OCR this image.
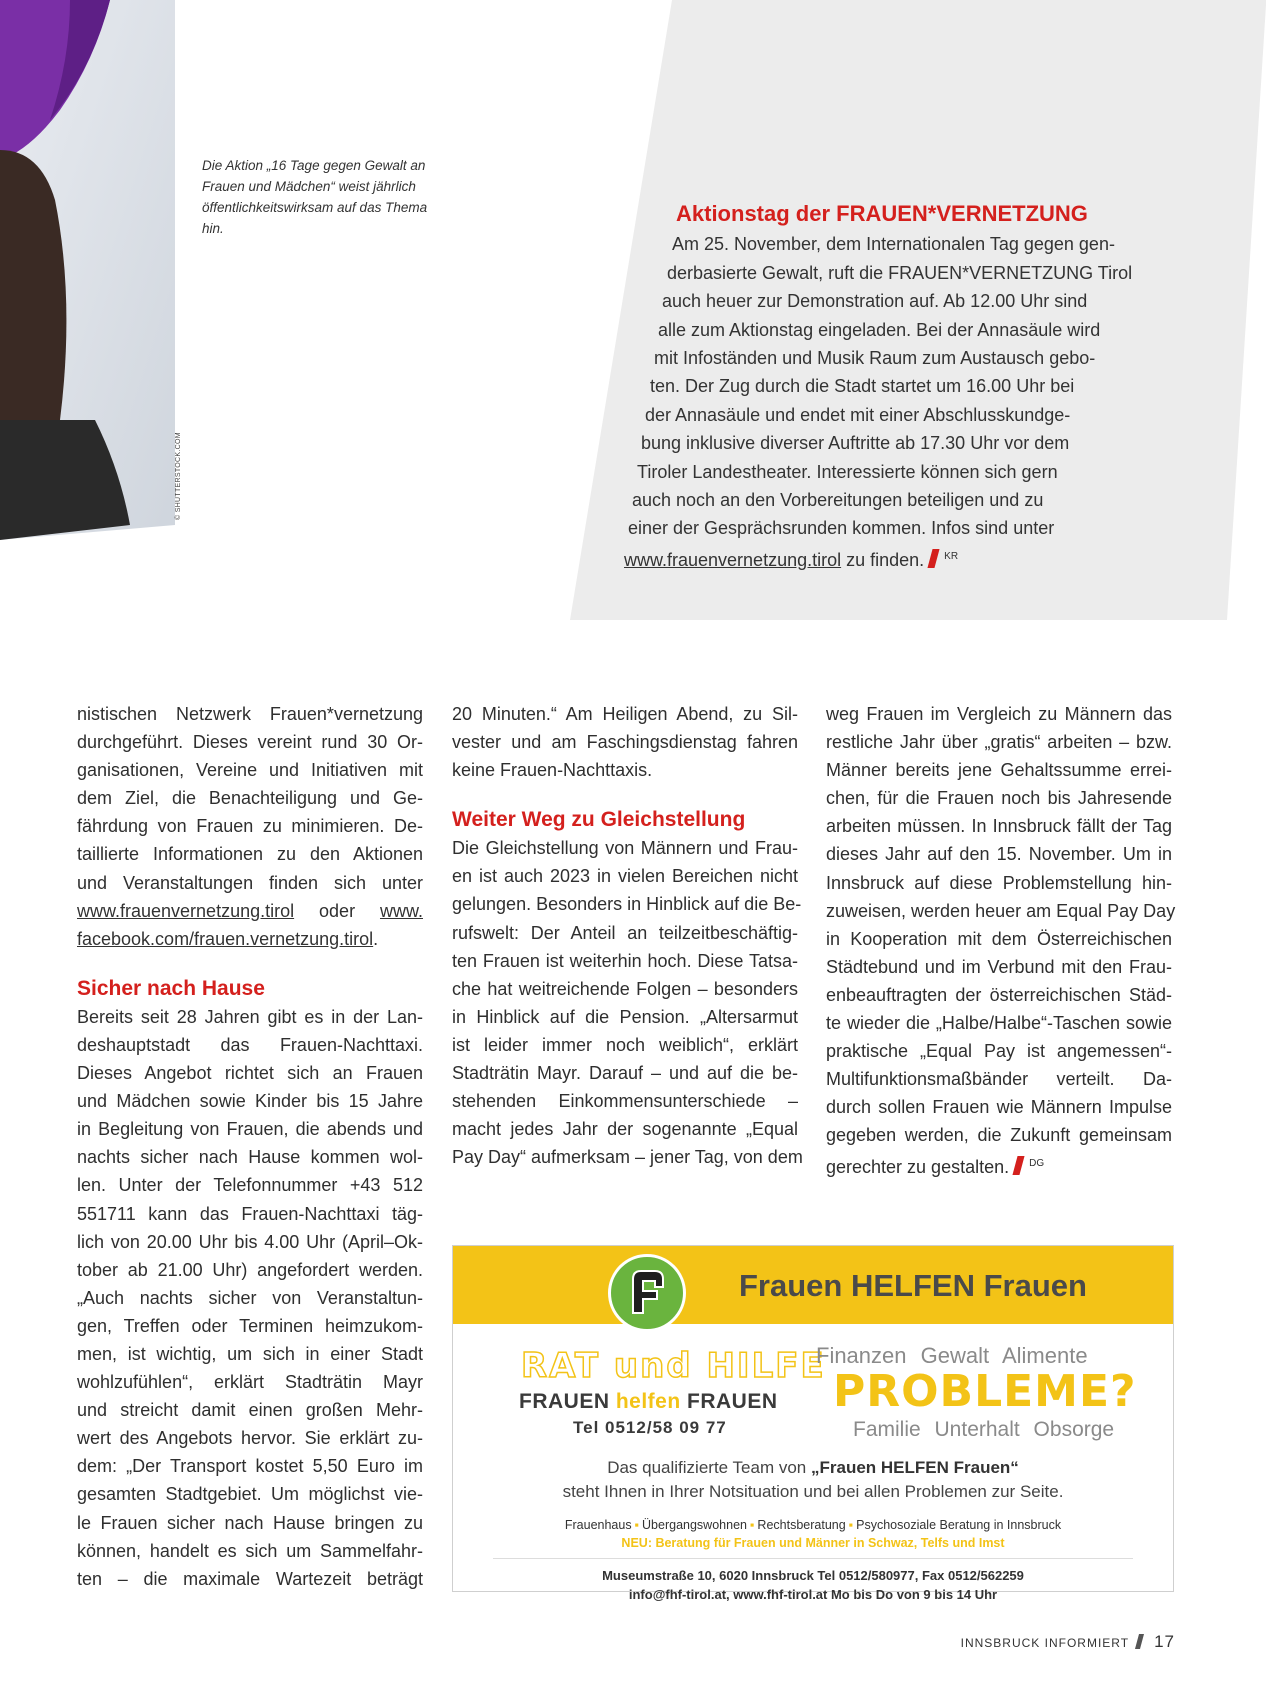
© SHUTTERSTOCK.COM
Die Aktion „16 Tage gegen Gewalt an Frauen und Mädchen“ weist jährlich öffentlichkeitswirksam auf das Thema hin.
Aktionstag der FRAUEN*VERNETZUNG
Am 25. November, dem Internationalen Tag gegen gen-
derbasierte Gewalt, ruft die FRAUEN*VERNETZUNG Tirol
auch heuer zur Demonstration auf. Ab 12.00 Uhr sind
alle zum Aktionstag eingeladen. Bei der Annasäule wird
mit Infoständen und Musik Raum zum Austausch gebo-
ten. Der Zug durch die Stadt startet um 16.00 Uhr bei
der Annasäule und endet mit einer Abschlusskundge-
bung inklusive diverser Auftritte ab 17.30 Uhr vor dem
Tiroler Landestheater. Interessierte können sich gern
auch noch an den Vorbereitungen beteiligen und zu
einer der Gesprächsrunden kommen. Infos sind unter
www.frauenvernetzung.tirol zu finden. $^{KR}$
nistischen Netzwerk Frauen*vernetzung
durchgeführt. Dieses vereint rund 30 Or-
ganisationen, Vereine und Initiativen mit
dem Ziel, die Benachteiligung und Ge-
fährdung von Frauen zu minimieren. De-
taillierte Informationen zu den Aktionen
und Veranstaltungen finden sich unter
www.frauenvernetzung.tirol oder www.
facebook.com/frauen.vernetzung.tirol.
Sicher nach Hause
Bereits seit 28 Jahren gibt es in der Lan-
deshauptstadt das Frauen-Nachttaxi.
Dieses Angebot richtet sich an Frauen
und Mädchen sowie Kinder bis 15 Jahre
in Begleitung von Frauen, die abends und
nachts sicher nach Hause kommen wol-
len. Unter der Telefonnummer +43 512
551711 kann das Frauen-Nachttaxi täg-
lich von 20.00 Uhr bis 4.00 Uhr (April–Ok-
tober ab 21.00 Uhr) angefordert werden.
„Auch nachts sicher von Veranstaltun-
gen, Treffen oder Terminen heimzukom-
men, ist wichtig, um sich in einer Stadt
wohlzufühlen“, erklärt Stadträtin Mayr
und streicht damit einen großen Mehr-
wert des Angebots hervor. Sie erklärt zu-
dem: „Der Transport kostet 5,50 Euro im
gesamten Stadtgebiet. Um möglichst vie-
le Frauen sicher nach Hause bringen zu
können, handelt es sich um Sammelfahr-
ten – die maximale Wartezeit beträgt
20 Minuten.“ Am Heiligen Abend, zu Sil-
vester und am Faschingsdienstag fahren
keine Frauen-Nachttaxis.
Weiter Weg zu Gleichstellung
Die Gleichstellung von Männern und Frau-
en ist auch 2023 in vielen Bereichen nicht
gelungen. Besonders in Hinblick auf die Be-
rufswelt: Der Anteil an teilzeitbeschäftig-
ten Frauen ist weiterhin hoch. Diese Tatsa-
che hat weitreichende Folgen – besonders
in Hinblick auf die Pension. „Altersarmut
ist leider immer noch weiblich“, erklärt
Stadträtin Mayr. Darauf – und auf die be-
stehenden Einkommensunterschiede –
macht jedes Jahr der sogenannte „Equal
Pay Day“ aufmerksam – jener Tag, von dem
weg Frauen im Vergleich zu Männern das
restliche Jahr über „gratis“ arbeiten – bzw.
Männer bereits jene Gehaltssumme errei-
chen, für die Frauen noch bis Jahresende
arbeiten müssen. In Innsbruck fällt der Tag
dieses Jahr auf den 15. November. Um in
Innsbruck auf diese Problemstellung hin-
zuweisen, werden heuer am Equal Pay Day
in Kooperation mit dem Österreichischen
Städtebund und im Verbund mit den Frau-
enbeauftragten der österreichischen Städ-
te wieder die „Halbe/Halbe“-Taschen sowie
praktische „Equal Pay ist angemessen“-
Multifunktionsmaßbänder verteilt. Da-
durch sollen Frauen wie Männern Impulse
gegeben werden, die Zukunft gemeinsam
gerechter zu gestalten. $^{DG}$
Frauen HELFEN Frauen
RAT und HILFE
FRAUEN helfen FRAUEN
Tel 0512/58 09 77
Finanzen Gewalt Alimente
PROBLEME?
Familie Unterhalt Obsorge
Das qualifizierte Team von „Frauen HELFEN Frauen“
steht Ihnen in Ihrer Notsituation und bei allen Problemen zur Seite.
Frauenhaus ▪ Übergangswohnen ▪ Rechtsberatung ▪ Psychosoziale Beratung in Innsbruck
NEU: Beratung für Frauen und Männer in Schwaz, Telfs und Imst
Museumstraße 10, 6020 Innsbruck Tel 0512/580977, Fax 0512/562259
info@fhf-tirol.at, www.fhf-tirol.at Mo bis Do von 9 bis 14 Uhr
INNSBRUCK INFORMIERT 17
